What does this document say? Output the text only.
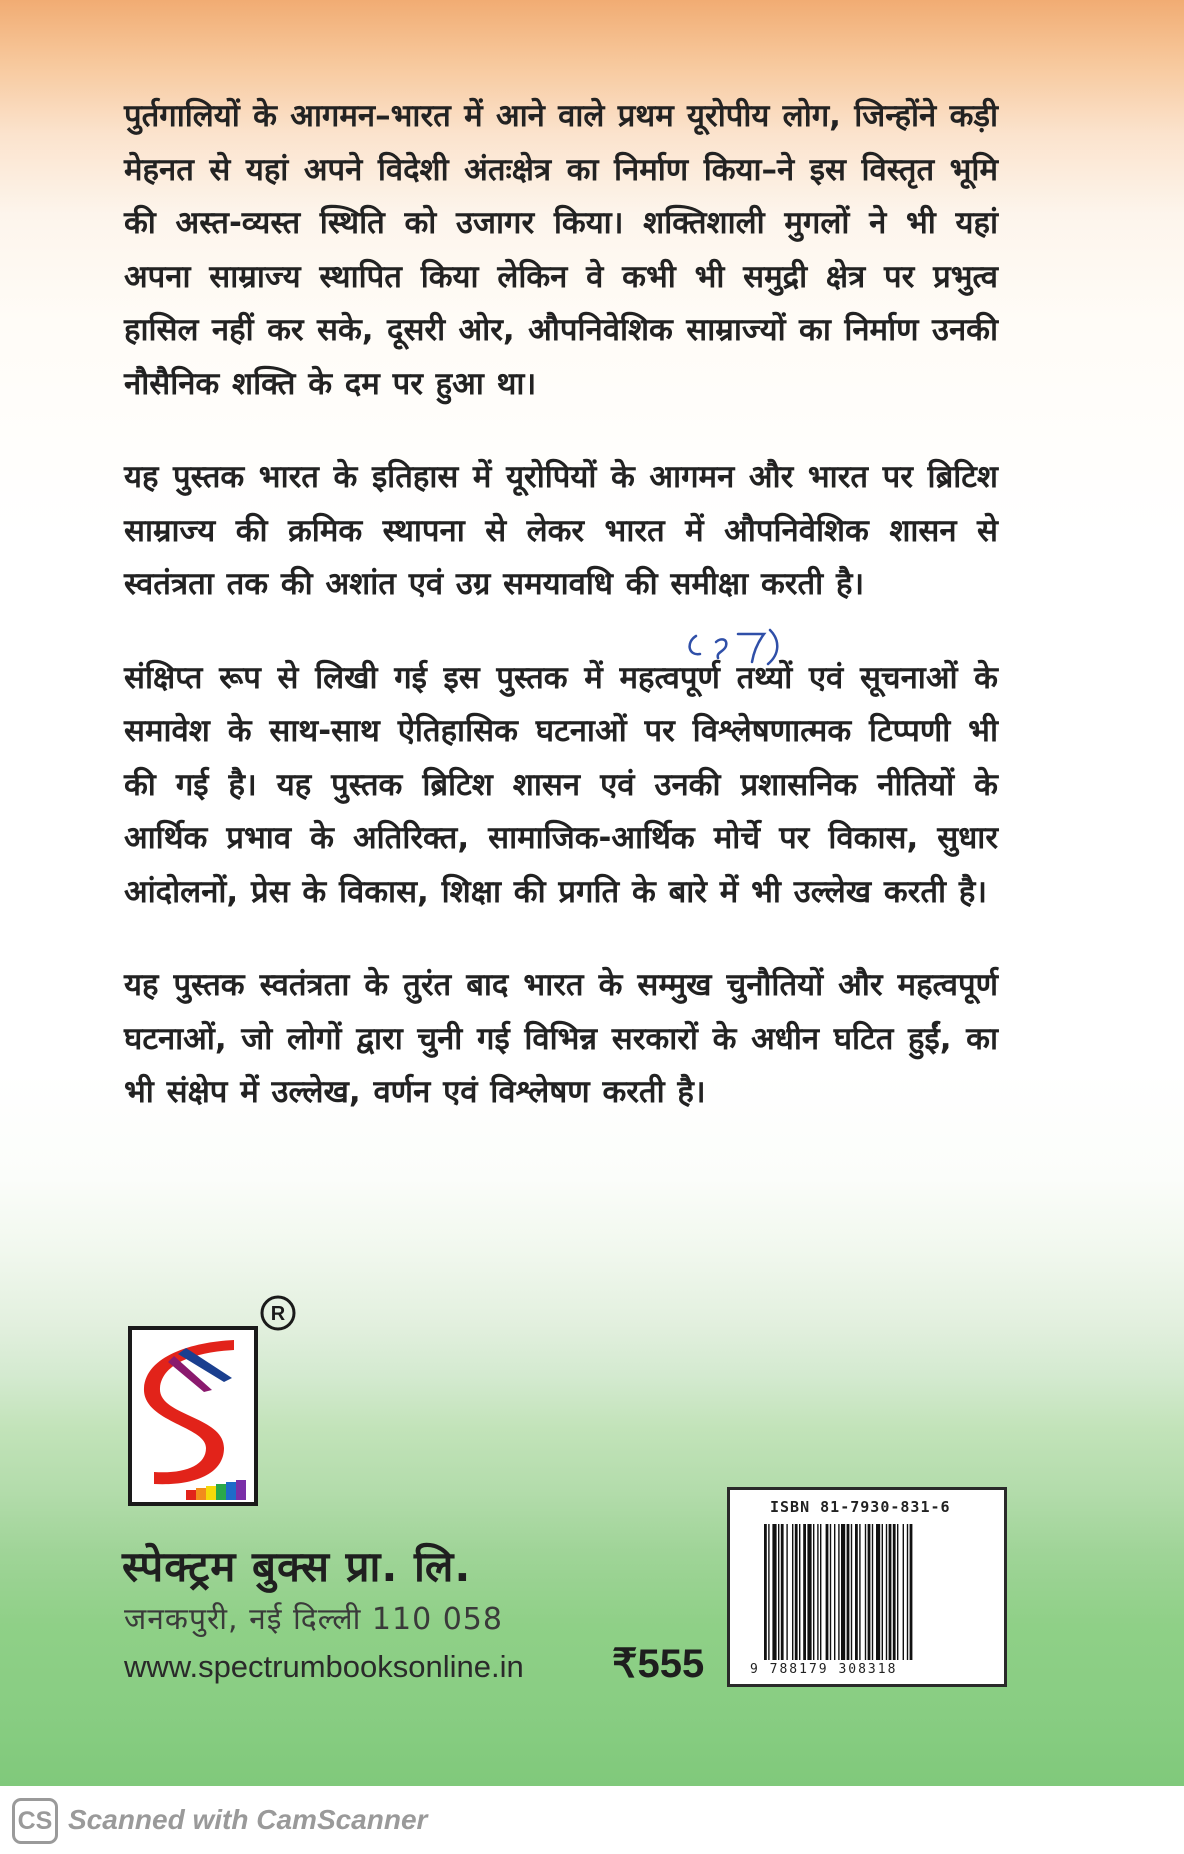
पुर्तगालियों के आगमन–भारत में आने वाले प्रथम यूरोपीय लोग, जिन्होंने कड़ी मेहनत से यहां अपने विदेशी अंतःक्षेत्र का निर्माण किया–ने इस विस्तृत भूमि की अस्त-व्यस्त स्थिति को उजागर किया। शक्तिशाली मुगलों ने भी यहां अपना साम्राज्य स्थापित किया लेकिन वे कभी भी समुद्री क्षेत्र पर प्रभुत्व हासिल नहीं कर सके, दूसरी ओर, औपनिवेशिक साम्राज्यों का निर्माण उनकी नौसैनिक शक्ति के दम पर हुआ था।

यह पुस्तक भारत के इतिहास में यूरोपियों के आगमन और भारत पर ब्रिटिश साम्राज्य की क्रमिक स्थापना से लेकर भारत में औपनिवेशिक शासन से स्वतंत्रता तक की अशांत एवं उग्र समयावधि की समीक्षा करती है।

संक्षिप्त रूप से लिखी गई इस पुस्तक में महत्वपूर्ण तथ्यों एवं सूचनाओं के समावेश के साथ-साथ ऐतिहासिक घटनाओं पर विश्लेषणात्मक टिप्पणी भी की गई है। यह पुस्तक ब्रिटिश शासन एवं उनकी प्रशासनिक नीतियों के आर्थिक प्रभाव के अतिरिक्त, सामाजिक-आर्थिक मोर्चे पर विकास, सुधार आंदोलनों, प्रेस के विकास, शिक्षा की प्रगति के बारे में भी उल्लेख करती है।

यह पुस्तक स्वतंत्रता के तुरंत बाद भारत के सम्मुख चुनौतियों और महत्वपूर्ण घटनाओं, जो लोगों द्वारा चुनी गई विभिन्न सरकारों के अधीन घटित हुईं, का भी संक्षेप में उल्लेख, वर्णन एवं विश्लेषण करती है।

R
स्पेक्ट्रम बुक्स प्रा. लि.
जनकपुरी, नई दिल्ली 110 058
www.spectrumbooksonline.in ₹555
ISBN 81-7930-831-6
9 788179 308318
CS Scanned with CamScanner
